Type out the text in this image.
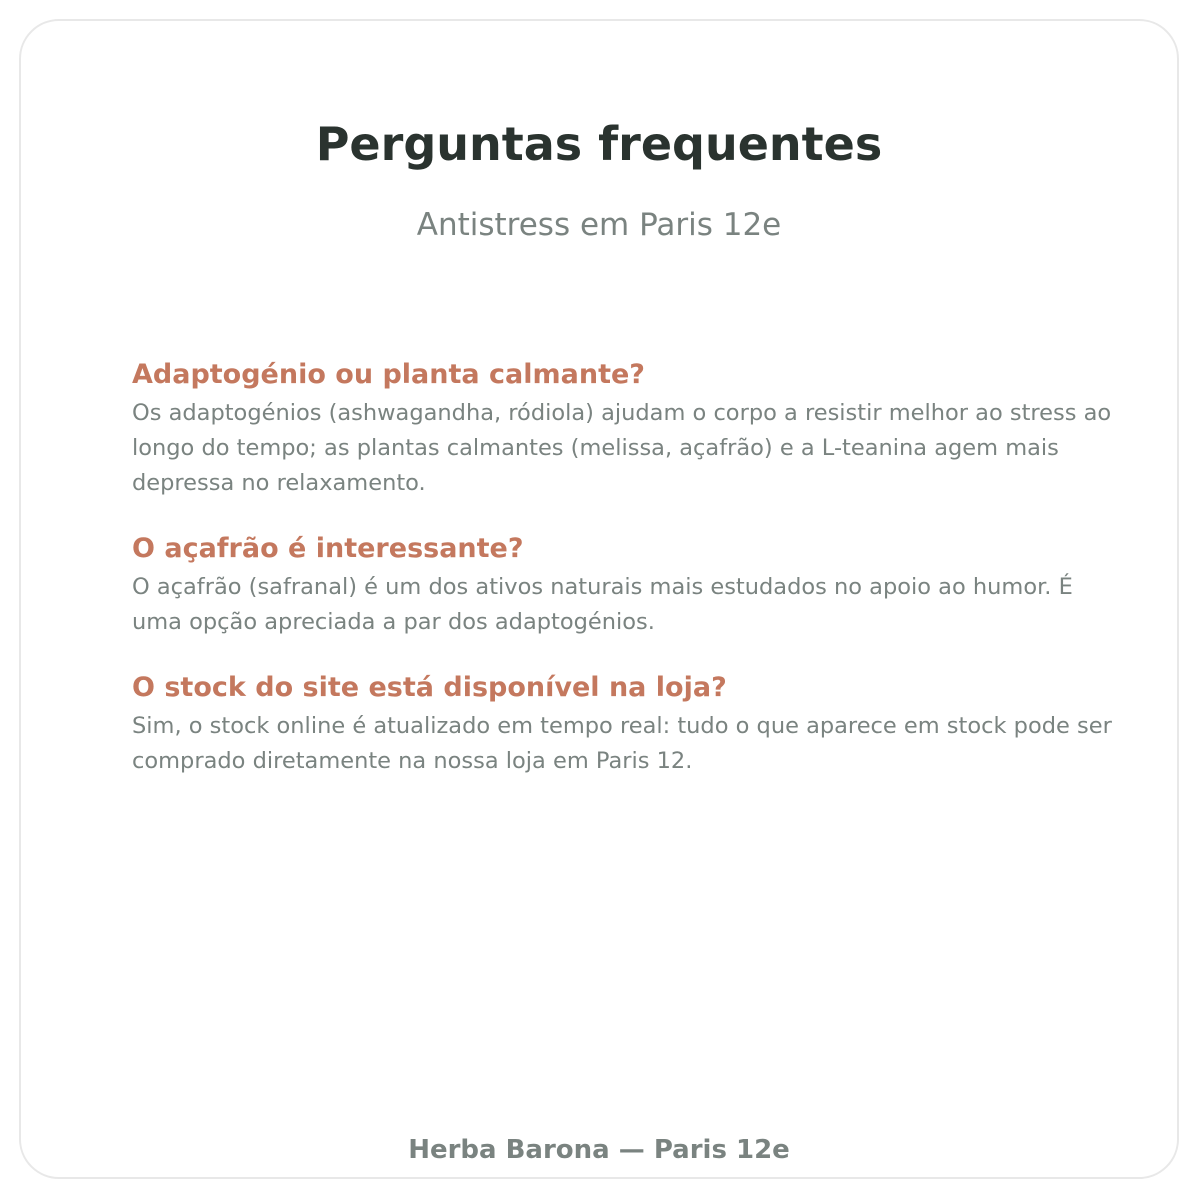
Perguntas frequentes

Antistress em Paris 12e

Adaptogénio ou planta calmante?

Os adaptogénios (ashwagandha, ródiola) ajudam o corpo a resistir melhor ao stress ao longo do tempo; as plantas calmantes (melissa, açafrão) e a L-teanina agem mais depressa no relaxamento.

O açafrão é interessante?

O açafrão (safranal) é um dos ativos naturais mais estudados no apoio ao humor. É uma opção apreciada a par dos adaptogénios.

O stock do site está disponível na loja?

Sim, o stock online é atualizado em tempo real: tudo o que aparece em stock pode ser comprado diretamente na nossa loja em Paris 12.

Herba Barona — Paris 12e
